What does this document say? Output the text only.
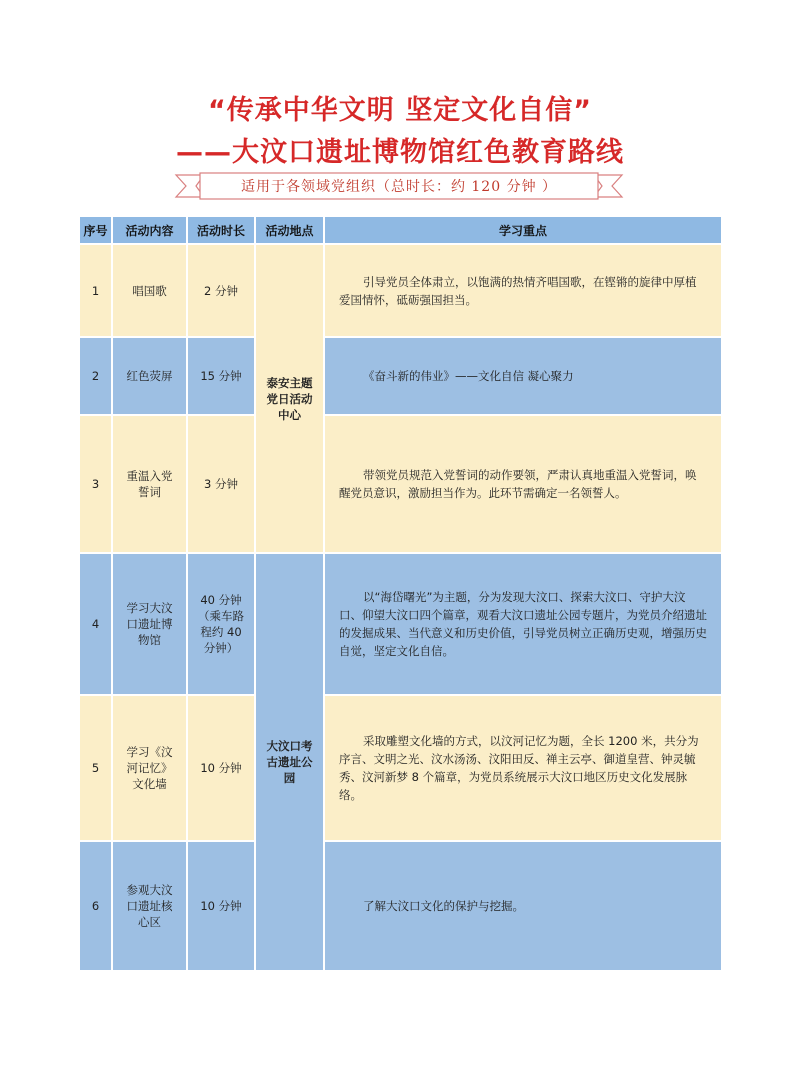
“传承中华文明 坚定文化自信”
——大汶口遗址博物馆红色教育路线
适用于各领域党组织（总时长：约 120 分钟 ）
序号	活动内容	活动时长	活动地点	学习重点
1	唱国歌	2 分钟	泰安主题党日活动中心	引导党员全体肃立，以饱满的热情齐唱国歌，在铿锵的旋律中厚植爱国情怀，砥砺强国担当。
2	红色荧屏	15 分钟		《奋斗新的伟业》——文化自信 凝心聚力
3	重温入党誓词	3 分钟		带领党员规范入党誓词的动作要领，严肃认真地重温入党誓词，唤醒党员意识，激励担当作为。此环节需确定一名领誓人。
4	学习大汶口遗址博物馆	40 分钟（乘车路程约 40 分钟）	大汶口考古遗址公园	以“海岱曙光”为主题，分为发现大汶口、探索大汶口、守护大汶口、仰望大汶口四个篇章，观看大汶口遗址公园专题片，为党员介绍遗址的发掘成果、当代意义和历史价值，引导党员树立正确历史观，增强历史自觉，坚定文化自信。
5	学习《汶河记忆》文化墙	10 分钟		采取雕塑文化墙的方式，以汶河记忆为题，全长 1200 米，共分为序言、文明之光、汶水汤汤、汶阳田反、禅主云亭、御道皇营、钟灵毓秀、汶河新梦 8 个篇章，为党员系统展示大汶口地区历史文化发展脉络。
6	参观大汶口遗址核心区	10 分钟		了解大汶口文化的保护与挖掘。
